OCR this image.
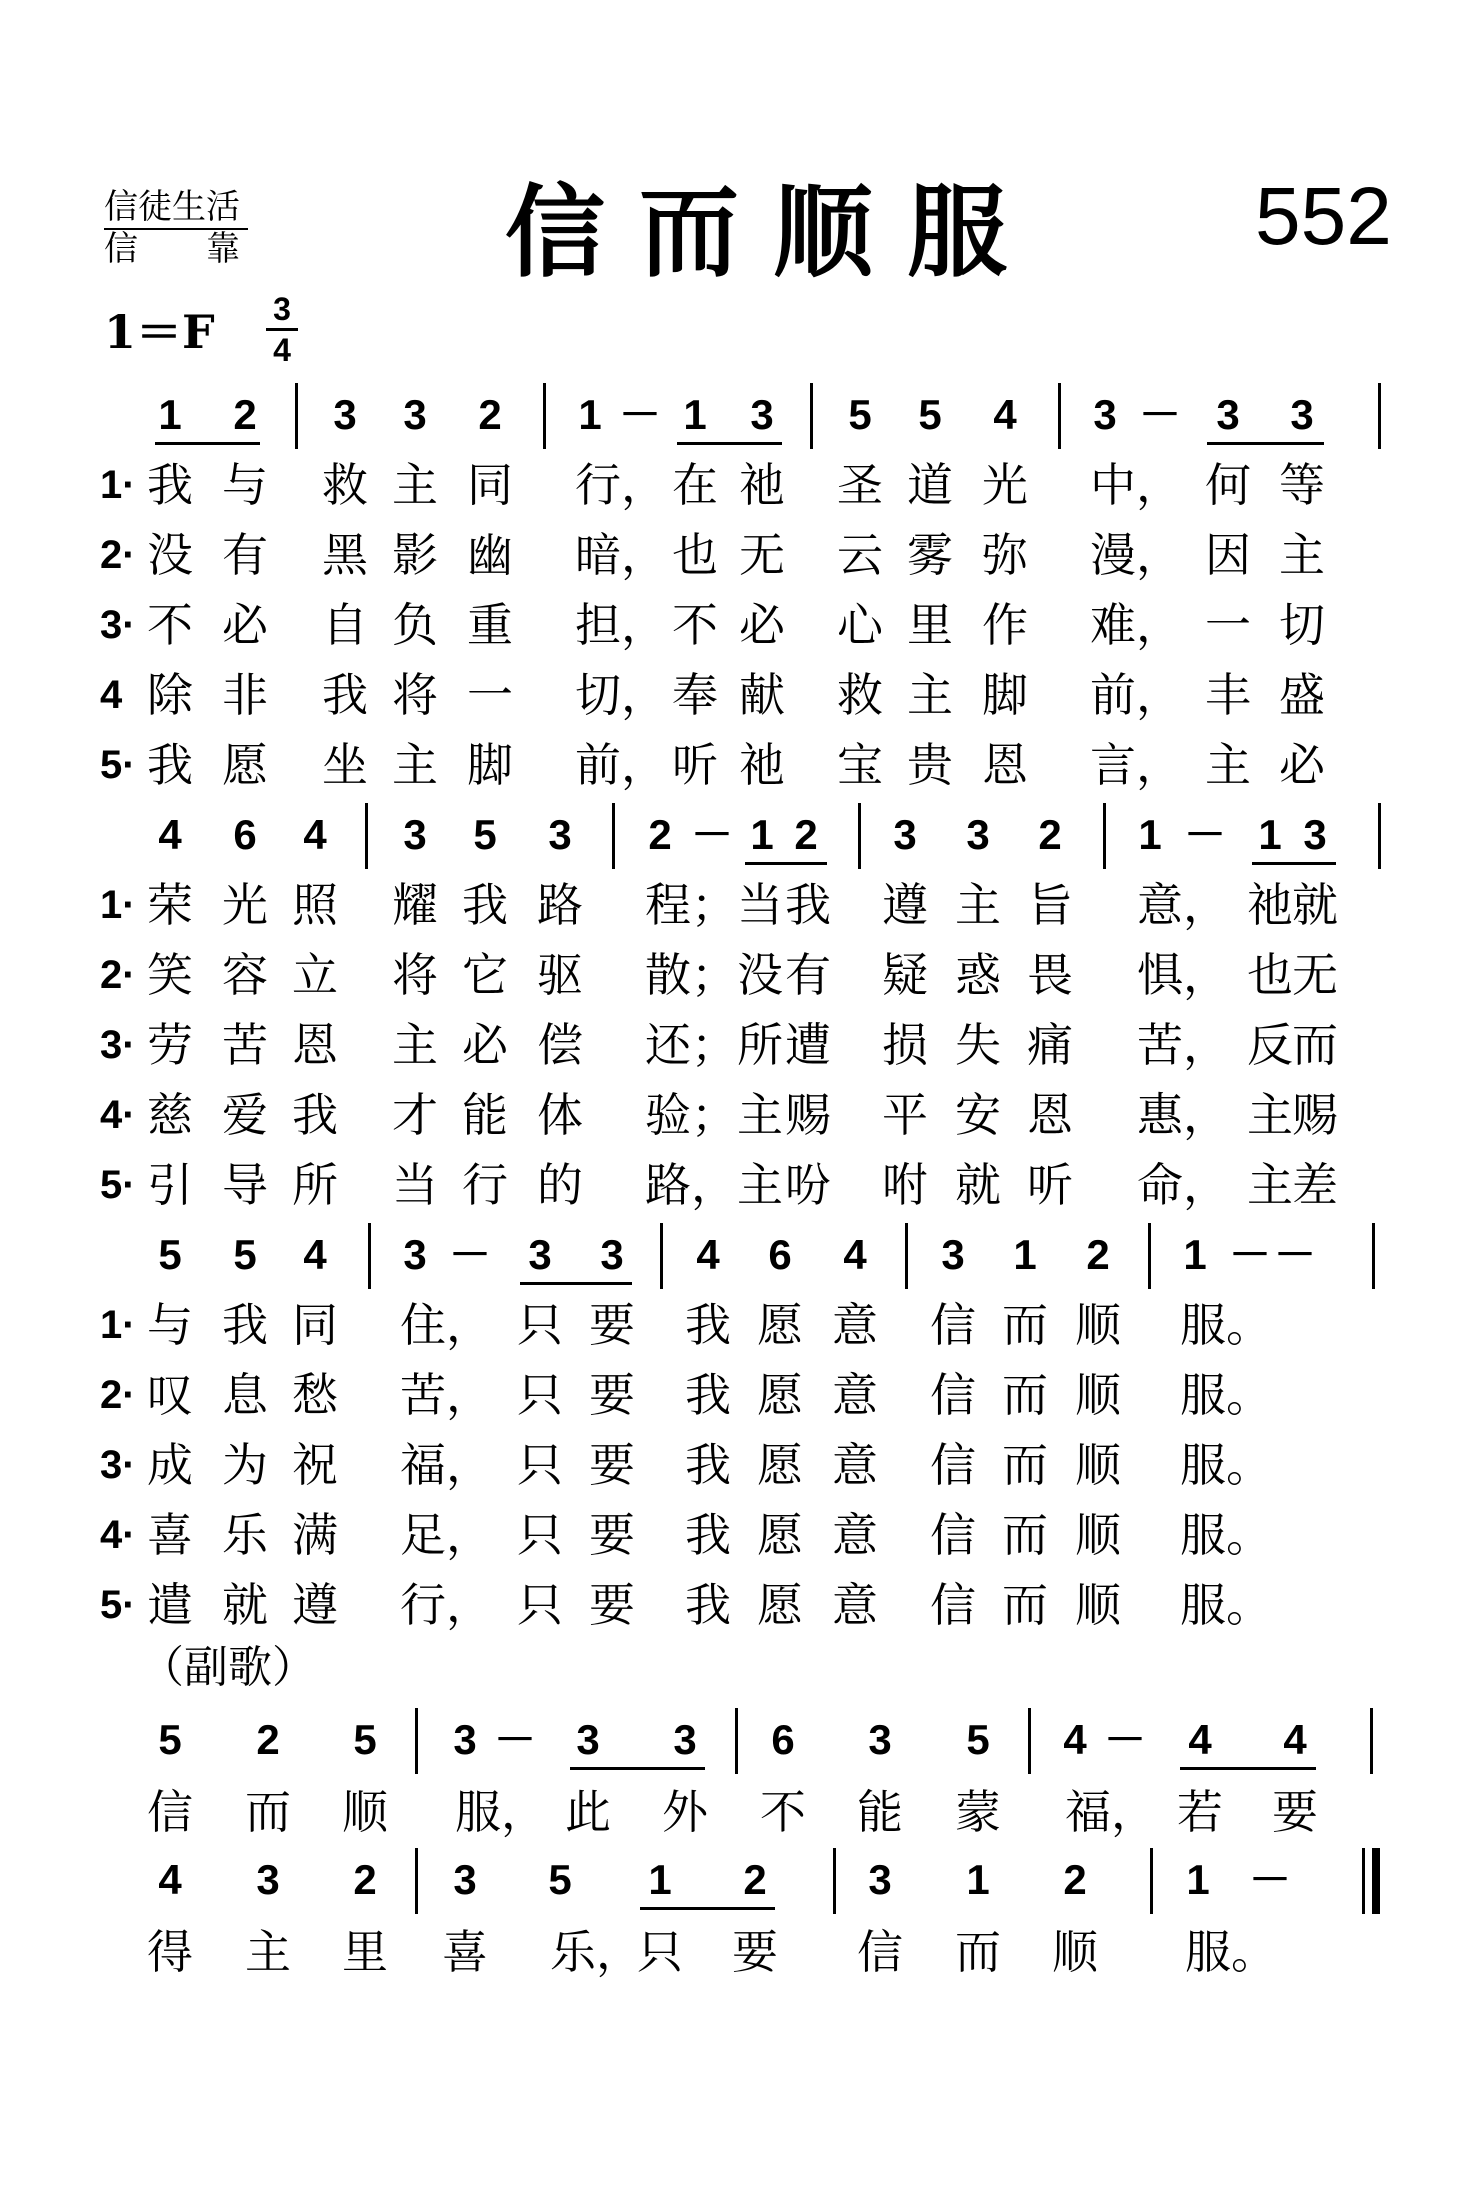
信徒生活
信　　靠	信而顺服	552
1＝F 3
4
1	2	3	3	2	1 － 1	3	5	5	4	3 － 3	3
1· 我 与 救 主 同 行， 在 祂 圣 道 光 中， 何 等
2· 没 有 黑 影 幽 暗， 也 无 云 雾 弥 漫， 因 主
3· 不 必 自 负 重 担， 不 必 心 里 作 难， 一 切
4 除 非 我 将 一 切， 奉 献 救 主 脚 前， 丰 盛
5· 我 愿 坐 主 脚 前， 听 祂 宝 贵 恩 言， 主 必
4	6	4	3	5	3	2 － 1 2	3	3	2	1 － 1 3
1· 荣 光 照 耀 我 路 程； 当 我 遵 主 旨 意， 祂 就
2· 笑 容 立 将 它 驱 散； 没 有 疑 惑 畏 惧， 也 无
3· 劳 苦 恩 主 必 偿 还； 所 遭 损 失 痛 苦， 反 而
4· 慈 爱 我 才 能 体 验； 主 赐 平 安 恩 惠， 主 赐
5· 引 导 所 当 行 的 路， 主 吩 咐 就 听 命， 主 差
5	5	4	3 － 3	3	4	6	4	3	1	2	1 － －
1· 与 我 同 住， 只 要 我 愿 意 信 而 顺 服。
2· 叹 息 愁 苦， 只 要 我 愿 意 信 而 顺 服。
3· 成 为 祝 福， 只 要 我 愿 意 信 而 顺 服。
4· 喜 乐 满 足， 只 要 我 愿 意 信 而 顺 服。
5· 遣 就 遵 行， 只 要 我 愿 意 信 而 顺 服。
（副歌）
5	2	5	3 － 3	3	6	3	5	4 －	4	4
信 而 顺 服， 此 外 不 能 蒙 福， 若 要
4	3	2	3	5	1	2	3	1	2	1 －
得 主 里 喜 乐，
只 要 信 而 顺 服。
